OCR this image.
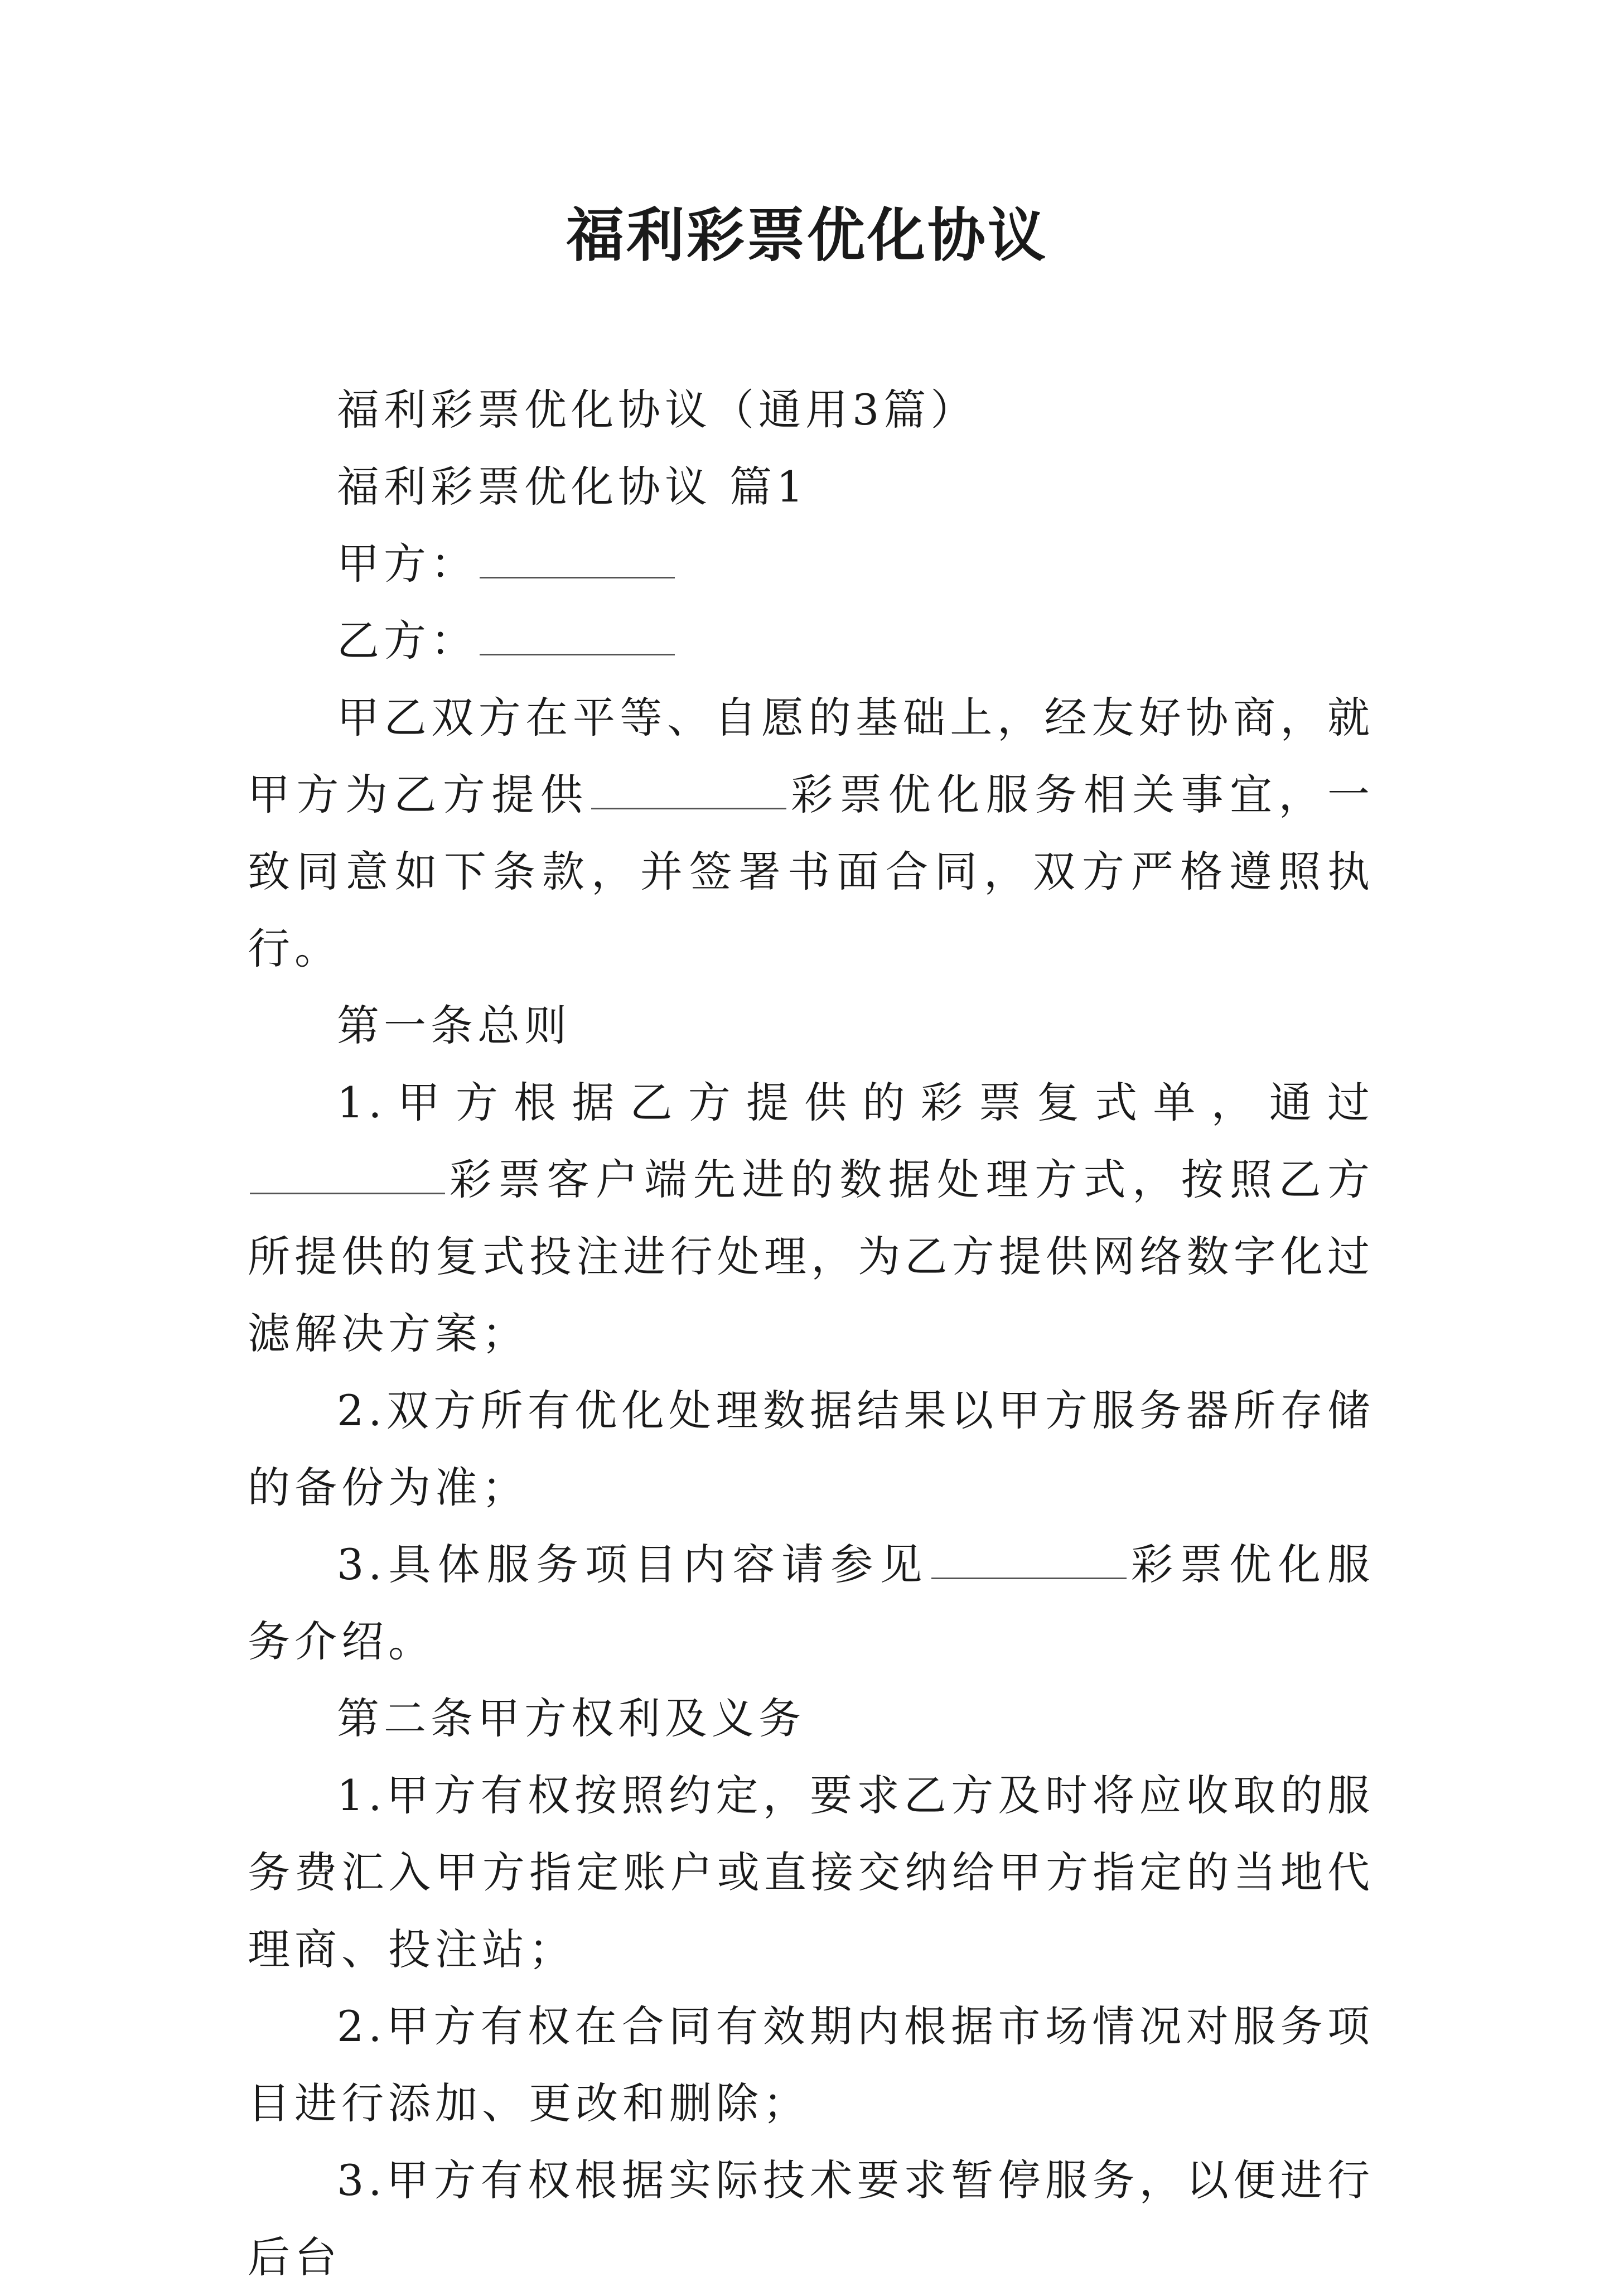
福利彩票优化协议

福利彩票优化协议（通用3篇）

福利彩票优化协议 篇1

甲方：

乙方：

甲乙双方在平等、自愿的基础上，经友好协商，就甲方为乙方提供	彩票优化服务相关事宜，一致同意如下条款，并签署书面合同，双方严格遵照执行。

第一条总则

1.甲方根据乙方提供的彩票复式单，通过彩票客户端先进的数据处理方式，按照乙方所提供的复式投注进行处理，为乙方提供网络数字化过滤解决方案；

2.双方所有优化处理数据结果以甲方服务器所存储的备份为准；

3.具体服务项目内容请参见	彩票优化服务介绍。

第二条甲方权利及义务

1.甲方有权按照约定，要求乙方及时将应收取的服务费汇入甲方指定账户或直接交纳给甲方指定的当地代理商、投注站；

2.甲方有权在合同有效期内根据市场情况对服务项目进行添加、更改和删除；

3.甲方有权根据实际技术要求暂停服务，以便进行后台
